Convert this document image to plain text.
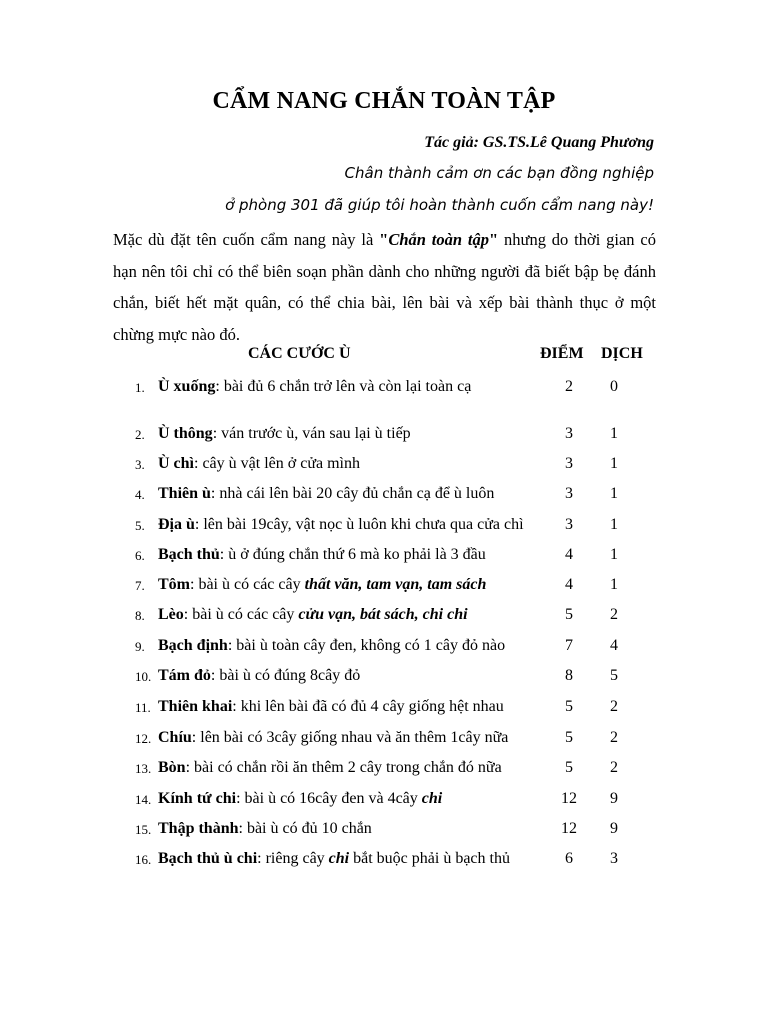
CẨM NANG CHẮN TOÀN TẬP
Tác giả: GS.TS.Lê Quang Phương
Chân thành cảm ơn các bạn đồng nghiệp
ở phòng 301 đã giúp tôi hoàn thành cuốn cẩm nang này!
Mặc dù đặt tên cuốn cẩm nang này là "Chắn toàn tập" nhưng do thời gian có hạn nên tôi chỉ có thể biên soạn phần dành cho những người đã biết bập bẹ đánh chắn, biết hết mặt quân, có thể chia bài, lên bài và xếp bài thành thục ở một chừng mực nào đó.
CÁC CƯỚC Ù	ĐIỂM DỊCH
1. Ù xuống: bài đủ 6 chắn trở lên và còn lại toàn cạ	2	0
2. Ù thông: ván trước ù, ván sau lại ù tiếp	3	1
3. Ù chì: cây ù vật lên ở cửa mình	3	1
4. Thiên ù: nhà cái lên bài 20 cây đủ chắn cạ để ù luôn	3	1
5. Địa ù: lên bài 19cây, vật nọc ù luôn khi chưa qua cửa chì	3	1
6. Bạch thủ: ù ở đúng chắn thứ 6 mà ko phải là 3 đầu	4	1
7. Tôm: bài ù có các cây thất văn, tam vạn, tam sách	4	1
8. Lèo: bài ù có các cây cửu vạn, bát sách, chi chi	5	2
9. Bạch định: bài ù toàn cây đen, không có 1 cây đỏ nào	7	4
10. Tám đỏ: bài ù có đúng 8cây đỏ	8	5
11. Thiên khai: khi lên bài đã có đủ 4 cây giống hệt nhau	5	2
12. Chíu: lên bài có 3cây giống nhau và ăn thêm 1cây nữa	5	2
13. Bòn: bài có chắn rồi ăn thêm 2 cây trong chắn đó nữa	5	2
14. Kính tứ chi: bài ù có 16cây đen và 4cây chi	12	9
15. Thập thành: bài ù có đủ 10 chắn	12	9
16. Bạch thủ ù chi: riêng cây chi bắt buộc phải ù bạch thủ	6	3
